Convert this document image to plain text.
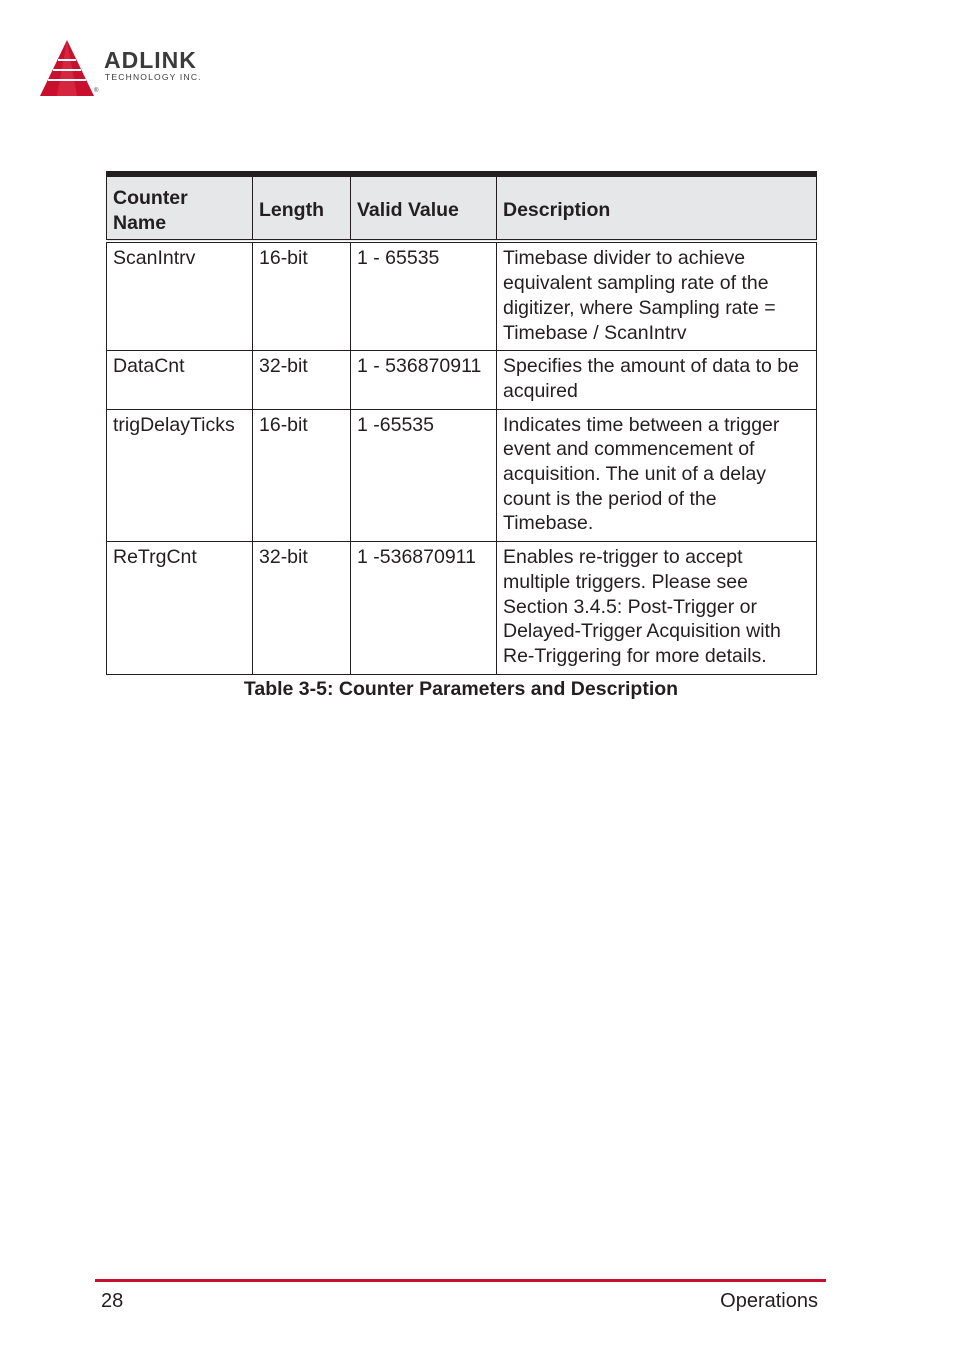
ADLINK
TECHNOLOGY INC.
®
Counter Name	Length	Valid Value	Description
ScanIntrv	16-bit	1 - 65535	Timebase divider to achieve equivalent sampling rate of the digitizer, where Sampling rate = Timebase / ScanIntrv
DataCnt	32-bit	1 - 536870911	Specifies the amount of data to be acquired
trigDelayTicks	16-bit	1 -65535	Indicates time between a trigger event and commencement of acquisition. The unit of a delay count is the period of the Timebase.
ReTrgCnt	32-bit	1 -536870911	Enables re-trigger to accept multiple triggers. Please see Section 3.4.5: Post-Trigger or Delayed-Trigger Acquisition with Re-Triggering for more details.
Table 3-5: Counter Parameters and Description
28	Operations
